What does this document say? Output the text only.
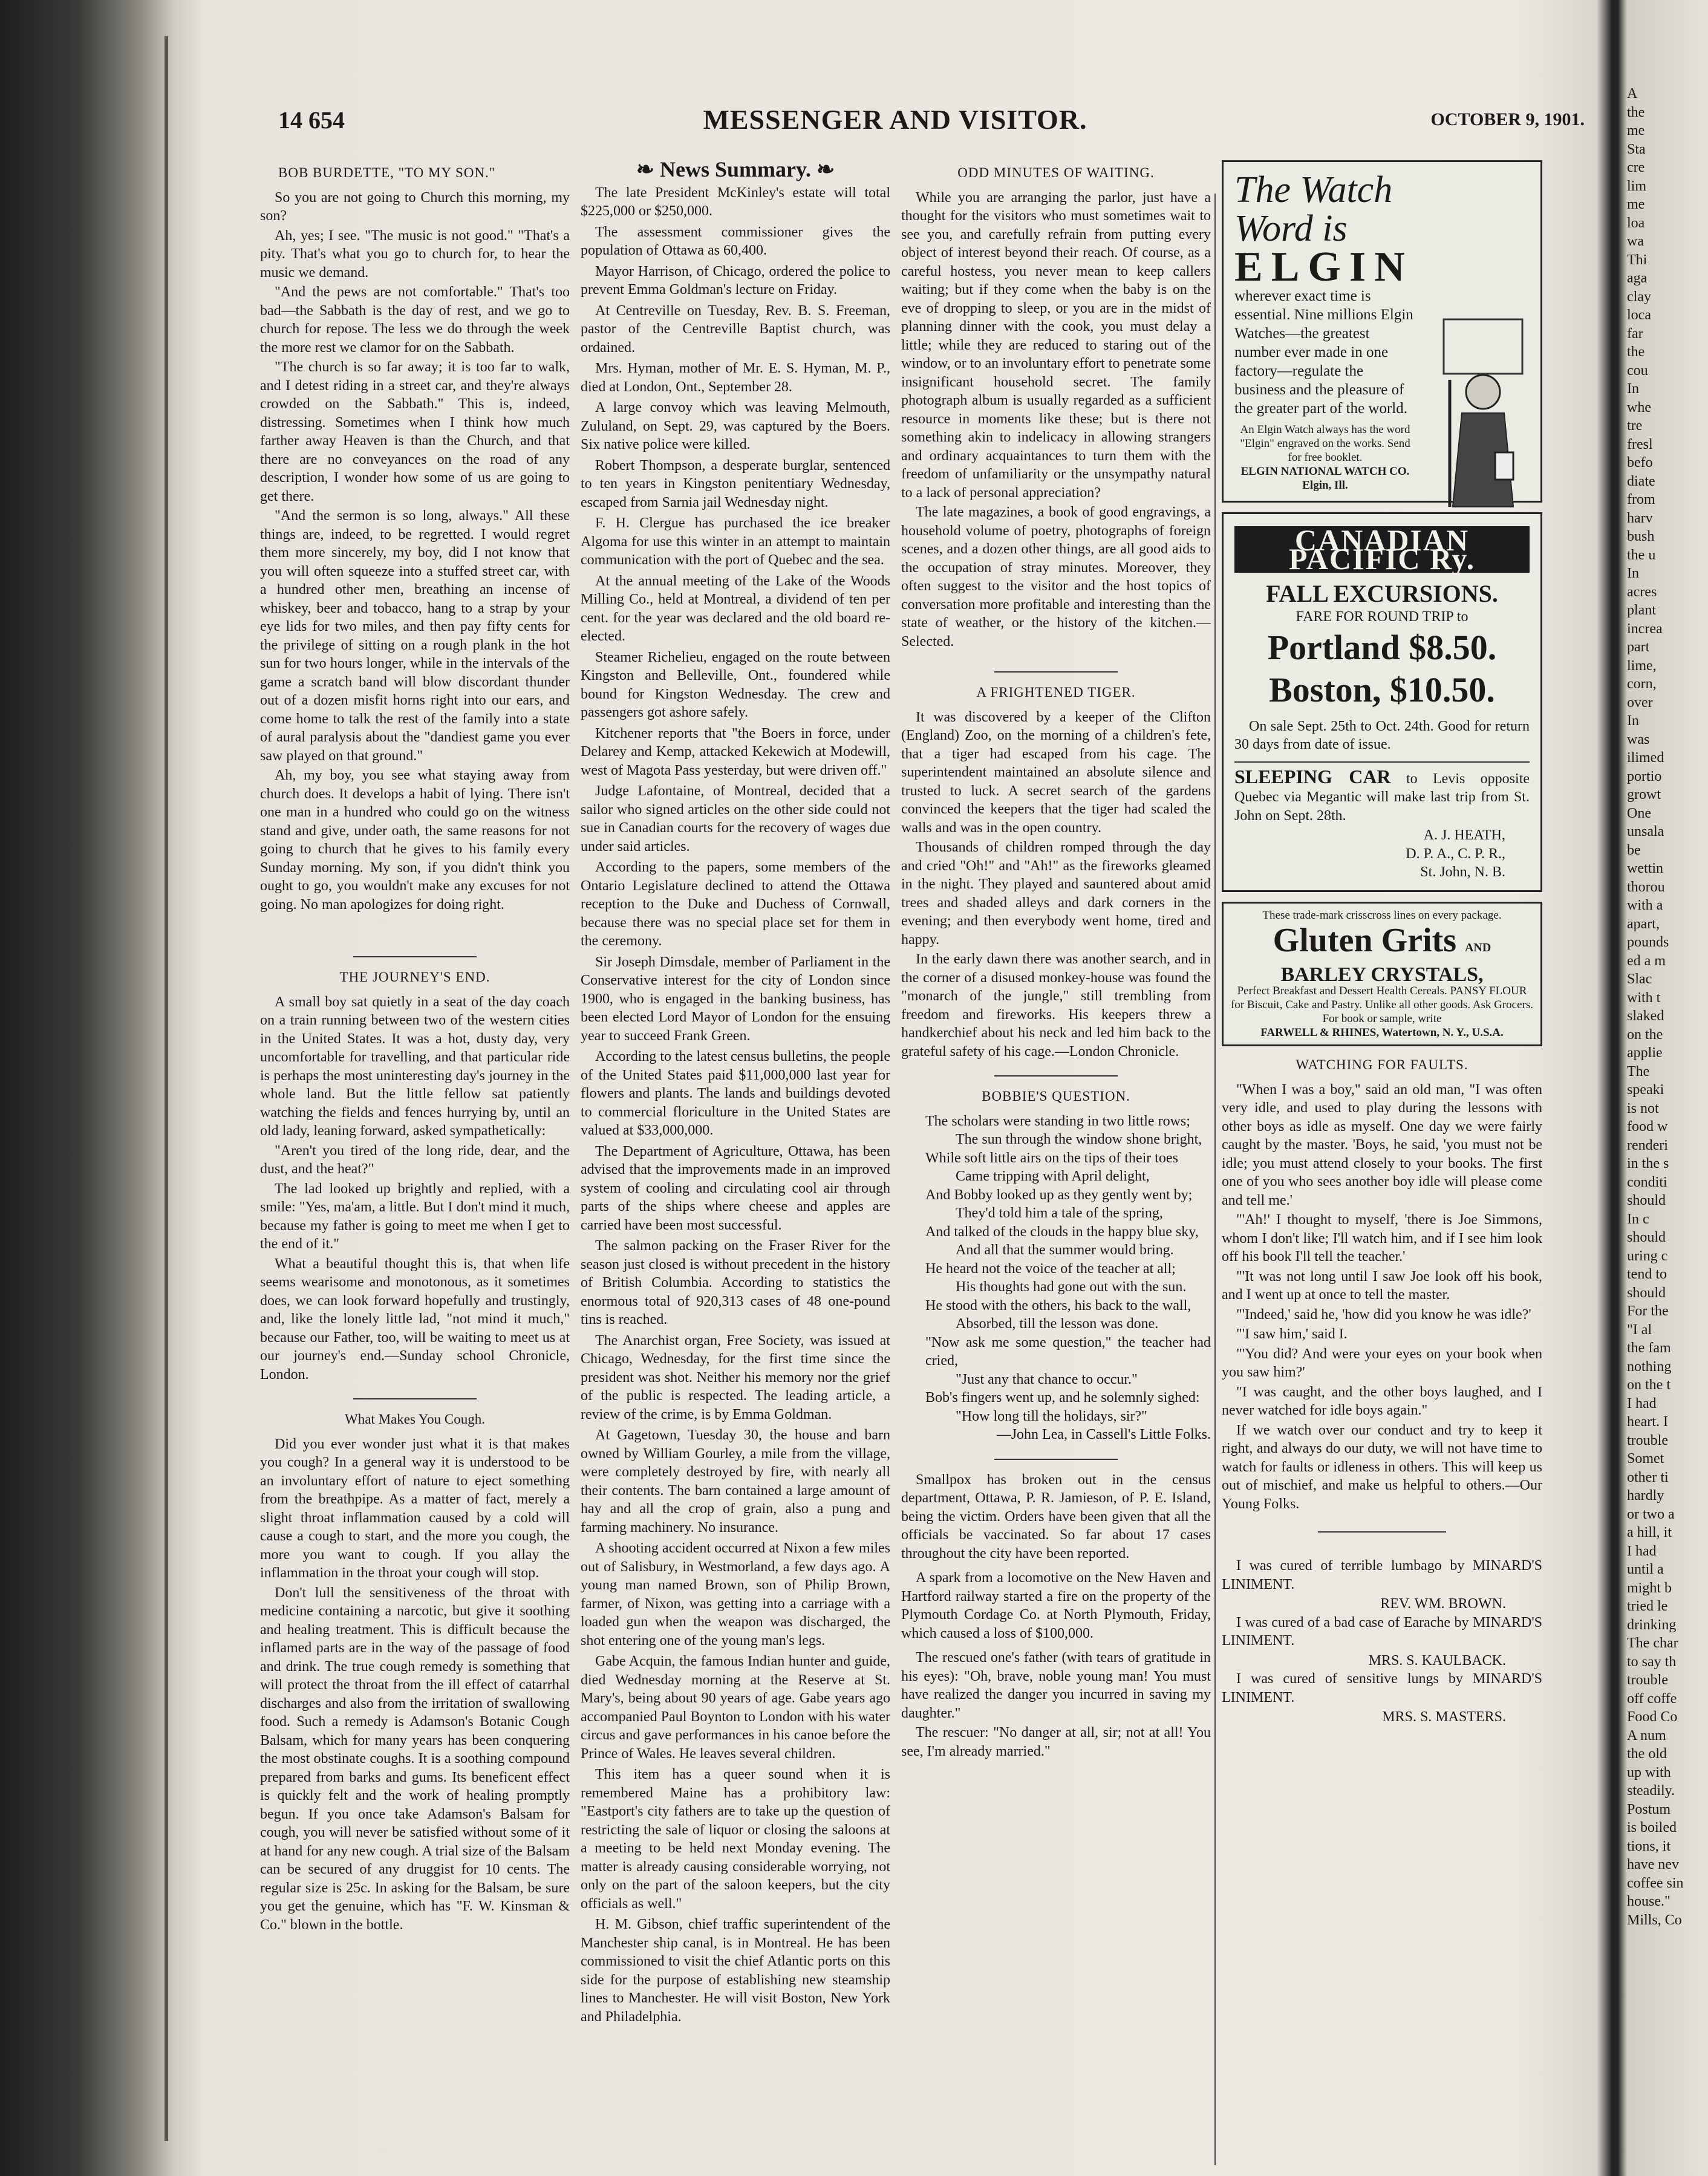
14 654	MESSENGER AND VISITOR.	OCTOBER 9, 1901.
BOB BURDETTE, "TO MY SON."

So you are not going to Church this morning, my son?

Ah, yes; I see. "The music is not good." "That's a pity. That's what you go to church for, to hear the music we demand.

"And the pews are not comfortable." That's too bad—the Sabbath is the day of rest, and we go to church for repose. The less we do through the week the more rest we clamor for on the Sabbath.

"The church is so far away; it is too far to walk, and I detest riding in a street car, and they're always crowded on the Sabbath." This is, indeed, distressing. Sometimes when I think how much farther away Heaven is than the Church, and that there are no conveyances on the road of any description, I wonder how some of us are going to get there.

"And the sermon is so long, always." All these things are, indeed, to be regretted. I would regret them more sincerely, my boy, did I not know that you will often squeeze into a stuffed street car, with a hundred other men, breathing an incense of whiskey, beer and tobacco, hang to a strap by your eye lids for two miles, and then pay fifty cents for the privilege of sitting on a rough plank in the hot sun for two hours longer, while in the intervals of the game a scratch band will blow discordant thunder out of a dozen misfit horns right into our ears, and come home to talk the rest of the family into a state of aural paralysis about the "dandiest game you ever saw played on that ground."

Ah, my boy, you see what staying away from church does. It develops a habit of lying. There isn't one man in a hundred who could go on the witness stand and give, under oath, the same reasons for not going to church that he gives to his family every Sunday morning. My son, if you didn't think you ought to go, you wouldn't make any excuses for not going. No man apologizes for doing right.

THE JOURNEY'S END.

A small boy sat quietly in a seat of the day coach on a train running between two of the western cities in the United States. It was a hot, dusty day, very uncomfortable for travelling, and that particular ride is perhaps the most uninteresting day's journey in the whole land. But the little fellow sat patiently watching the fields and fences hurrying by, until an old lady, leaning forward, asked sympathetically:

"Aren't you tired of the long ride, dear, and the dust, and the heat?"

The lad looked up brightly and replied, with a smile: "Yes, ma'am, a little. But I don't mind it much, because my father is going to meet me when I get to the end of it."

What a beautiful thought this is, that when life seems wearisome and monotonous, as it sometimes does, we can look forward hopefully and trustingly, and, like the lonely little lad, "not mind it much," because our Father, too, will be waiting to meet us at our journey's end.—Sunday school Chronicle, London.

What Makes You Cough.

Did you ever wonder just what it is that makes you cough? In a general way it is understood to be an involuntary effort of nature to eject something from the breathpipe. As a matter of fact, merely a slight throat inflammation caused by a cold will cause a cough to start, and the more you cough, the more you want to cough. If you allay the inflammation in the throat your cough will stop.

Don't lull the sensitiveness of the throat with medicine containing a narcotic, but give it soothing and healing treatment. This is difficult because the inflamed parts are in the way of the passage of food and drink. The true cough remedy is something that will protect the throat from the ill effect of catarrhal discharges and also from the irritation of swallowing food. Such a remedy is Adamson's Botanic Cough Balsam, which for many years has been conquering the most obstinate coughs. It is a soothing compound prepared from barks and gums. Its beneficent effect is quickly felt and the work of healing promptly begun. If you once take Adamson's Balsam for cough, you will never be satisfied without some of it at hand for any new cough. A trial size of the Balsam can be secured of any druggist for 10 cents. The regular size is 25c. In asking for the Balsam, be sure you get the genuine, which has "F. W. Kinsman & Co." blown in the bottle.

❧ News Summary. ❧

The late President McKinley's estate will total $225,000 or $250,000.

The assessment commissioner gives the population of Ottawa as 60,400.

Mayor Harrison, of Chicago, ordered the police to prevent Emma Goldman's lecture on Friday.

At Centreville on Tuesday, Rev. B. S. Freeman, pastor of the Centreville Baptist church, was ordained.

Mrs. Hyman, mother of Mr. E. S. Hyman, M. P., died at London, Ont., September 28.

A large convoy which was leaving Melmouth, Zululand, on Sept. 29, was captured by the Boers. Six native police were killed.

Robert Thompson, a desperate burglar, sentenced to ten years in Kingston penitentiary Wednesday, escaped from Sarnia jail Wednesday night.

F. H. Clergue has purchased the ice breaker Algoma for use this winter in an attempt to maintain communication with the port of Quebec and the sea.

At the annual meeting of the Lake of the Woods Milling Co., held at Montreal, a dividend of ten per cent. for the year was declared and the old board re-elected.

Steamer Richelieu, engaged on the route between Kingston and Belleville, Ont., foundered while bound for Kingston Wednesday. The crew and passengers got ashore safely.

Kitchener reports that "the Boers in force, under Delarey and Kemp, attacked Kekewich at Modewill, west of Magota Pass yesterday, but were driven off."

Judge Lafontaine, of Montreal, decided that a sailor who signed articles on the other side could not sue in Canadian courts for the recovery of wages due under said articles.

According to the papers, some members of the Ontario Legislature declined to attend the Ottawa reception to the Duke and Duchess of Cornwall, because there was no special place set for them in the ceremony.

Sir Joseph Dimsdale, member of Parliament in the Conservative interest for the city of London since 1900, who is engaged in the banking business, has been elected Lord Mayor of London for the ensuing year to succeed Frank Green.

According to the latest census bulletins, the people of the United States paid $11,000,000 last year for flowers and plants. The lands and buildings devoted to commercial floriculture in the United States are valued at $33,000,000.

The Department of Agriculture, Ottawa, has been advised that the improvements made in an improved system of cooling and circulating cool air through parts of the ships where cheese and apples are carried have been most successful.

The salmon packing on the Fraser River for the season just closed is without precedent in the history of British Columbia. According to statistics the enormous total of 920,313 cases of 48 one-pound tins is reached.

The Anarchist organ, Free Society, was issued at Chicago, Wednesday, for the first time since the president was shot. Neither his memory nor the grief of the public is respected. The leading article, a review of the crime, is by Emma Goldman.

At Gagetown, Tuesday 30, the house and barn owned by William Gourley, a mile from the village, were completely destroyed by fire, with nearly all their contents. The barn contained a large amount of hay and all the crop of grain, also a pung and farming machinery. No insurance.

A shooting accident occurred at Nixon a few miles out of Salisbury, in Westmorland, a few days ago. A young man named Brown, son of Philip Brown, farmer, of Nixon, was getting into a carriage with a loaded gun when the weapon was discharged, the shot entering one of the young man's legs.

Gabe Acquin, the famous Indian hunter and guide, died Wednesday morning at the Reserve at St. Mary's, being about 90 years of age. Gabe years ago accompanied Paul Boynton to London with his water circus and gave performances in his canoe before the Prince of Wales. He leaves several children.

This item has a queer sound when it is remembered Maine has a prohibitory law: "Eastport's city fathers are to take up the question of restricting the sale of liquor or closing the saloons at a meeting to be held next Monday evening. The matter is already causing considerable worrying, not only on the part of the saloon keepers, but the city officials as well."

H. M. Gibson, chief traffic superintendent of the Manchester ship canal, is in Montreal. He has been commissioned to visit the chief Atlantic ports on this side for the purpose of establishing new steamship lines to Manchester. He will visit Boston, New York and Philadelphia.

ODD MINUTES OF WAITING.

While you are arranging the parlor, just have a thought for the visitors who must sometimes wait to see you, and carefully refrain from putting every object of interest beyond their reach. Of course, as a careful hostess, you never mean to keep callers waiting; but if they come when the baby is on the eve of dropping to sleep, or you are in the midst of planning dinner with the cook, you must delay a little; while they are reduced to staring out of the window, or to an involuntary effort to penetrate some insignificant household secret. The family photograph album is usually regarded as a sufficient resource in moments like these; but is there not something akin to indelicacy in allowing strangers and ordinary acquaintances to turn them with the freedom of unfamiliarity or the unsympathy natural to a lack of personal appreciation?

The late magazines, a book of good engravings, a household volume of poetry, photographs of foreign scenes, and a dozen other things, are all good aids to the occupation of stray minutes. Moreover, they often suggest to the visitor and the host topics of conversation more profitable and interesting than the state of weather, or the history of the kitchen.—Selected.

A FRIGHTENED TIGER.

It was discovered by a keeper of the Clifton (England) Zoo, on the morning of a children's fete, that a tiger had escaped from his cage. The superintendent maintained an absolute silence and trusted to luck. A secret search of the gardens convinced the keepers that the tiger had scaled the walls and was in the open country.

Thousands of children romped through the day and cried "Oh!" and "Ah!" as the fireworks gleamed in the night. They played and sauntered about amid trees and shaded alleys and dark corners in the evening; and then everybody went home, tired and happy.

In the early dawn there was another search, and in the corner of a disused monkey-house was found the "monarch of the jungle," still trembling from freedom and fireworks. His keepers threw a handkerchief about his neck and led him back to the grateful safety of his cage.—London Chronicle.

BOBBIE'S QUESTION.

The scholars were standing in two little rows;

The sun through the window shone bright,

While soft little airs on the tips of their toes

Came tripping with April delight,

And Bobby looked up as they gently went by;

They'd told him a tale of the spring,

And talked of the clouds in the happy blue sky,

And all that the summer would bring.

He heard not the voice of the teacher at all;

His thoughts had gone out with the sun.

He stood with the others, his back to the wall,

Absorbed, till the lesson was done.

"Now ask me some question," the teacher had cried,

"Just any that chance to occur."

Bob's fingers went up, and he solemnly sighed:

"How long till the holidays, sir?"

—John Lea, in Cassell's Little Folks.

Smallpox has broken out in the census department, Ottawa, P. R. Jamieson, of P. E. Island, being the victim. Orders have been given that all the officials be vaccinated. So far about 17 cases throughout the city have been reported.

A spark from a locomotive on the New Haven and Hartford railway started a fire on the property of the Plymouth Cordage Co. at North Plymouth, Friday, which caused a loss of $100,000.

The rescued one's father (with tears of gratitude in his eyes): "Oh, brave, noble young man! You must have realized the danger you incurred in saving my daughter."

The rescuer: "No danger at all, sir; not at all! You see, I'm already married."

The Watch
Word is
ELGIN
wherever exact time is essential. Nine millions Elgin Watches—the greatest number ever made in one factory—regulate the business and the pleasure of the greater part of the world.
An Elgin Watch always has the word "Elgin" engraved on the works. Send for free booklet.
ELGIN NATIONAL WATCH CO. Elgin, Ill.
CANADIAN PACIFIC Ry.
FALL EXCURSIONS.
FARE FOR ROUND TRIP to
Portland $8.50.
Boston, $10.50.

On sale Sept. 25th to Oct. 24th. Good for return 30 days from date of issue.

SLEEPING CAR to Levis opposite Quebec via Megantic will make last trip from St. John on Sept. 28th.

A. J. HEATH,
D. P. A., C. P. R.,
St. John, N. B.
These trade-mark crisscross lines on every package.
Gluten Grits AND
BARLEY CRYSTALS,
Perfect Breakfast and Dessert Health Cereals. PANSY FLOUR for Biscuit, Cake and Pastry. Unlike all other goods. Ask Grocers. For book or sample, write
FARWELL & RHINES, Watertown, N. Y., U.S.A.
WATCHING FOR FAULTS.

"When I was a boy," said an old man, "I was often very idle, and used to play during the lessons with other boys as idle as myself. One day we were fairly caught by the master. 'Boys, he said, 'you must not be idle; you must attend closely to your books. The first one of you who sees another boy idle will please come and tell me.'

"'Ah!' I thought to myself, 'there is Joe Simmons, whom I don't like; I'll watch him, and if I see him look off his book I'll tell the teacher.'

"'It was not long until I saw Joe look off his book, and I went up at once to tell the master.

"'Indeed,' said he, 'how did you know he was idle?'

"'I saw him,' said I.

"'You did? And were your eyes on your book when you saw him?'

"I was caught, and the other boys laughed, and I never watched for idle boys again."

If we watch over our conduct and try to keep it right, and always do our duty, we will not have time to watch for faults or idleness in others. This will keep us out of mischief, and make us helpful to others.—Our Young Folks.

I was cured of terrible lumbago by MINARD'S LINIMENT.

REV. WM. BROWN.

I was cured of a bad case of Earache by MINARD'S LINIMENT.

MRS. S. KAULBACK.

I was cured of sensitive lungs by MINARD'S LINIMENT.

MRS. S. MASTERS.
A
the
me
Sta
cre
lim
me
loa
wa
Thi
aga
clay
loca
far
the
cou
In
whe
tre
fresl
befo
diate
from
harv
bush
the u
In
acres
plant
increa
part
lime,
corn,
over
In
was
ilimed
portio
growt
One
unsala
be
wettin
thorou
with a
apart,
pounds
ed a m
Slac
with t
slaked
on the
applie
The
speaki
is not
food w
renderi
in the s
conditi
should
In c
should
uring c
tend to
should
For the
"I al
the fam
nothing
on the t
I had
heart. I
trouble
Somet
other ti
hardly
or two a
a hill, it
I had
until a
might b
tried le
drinking
The char
to say th
trouble
off coffe
Food Co
A num
the old
up with
steadily.
Postum
is boiled
tions, it
have nev
coffee sin
house."
Mills, Co
